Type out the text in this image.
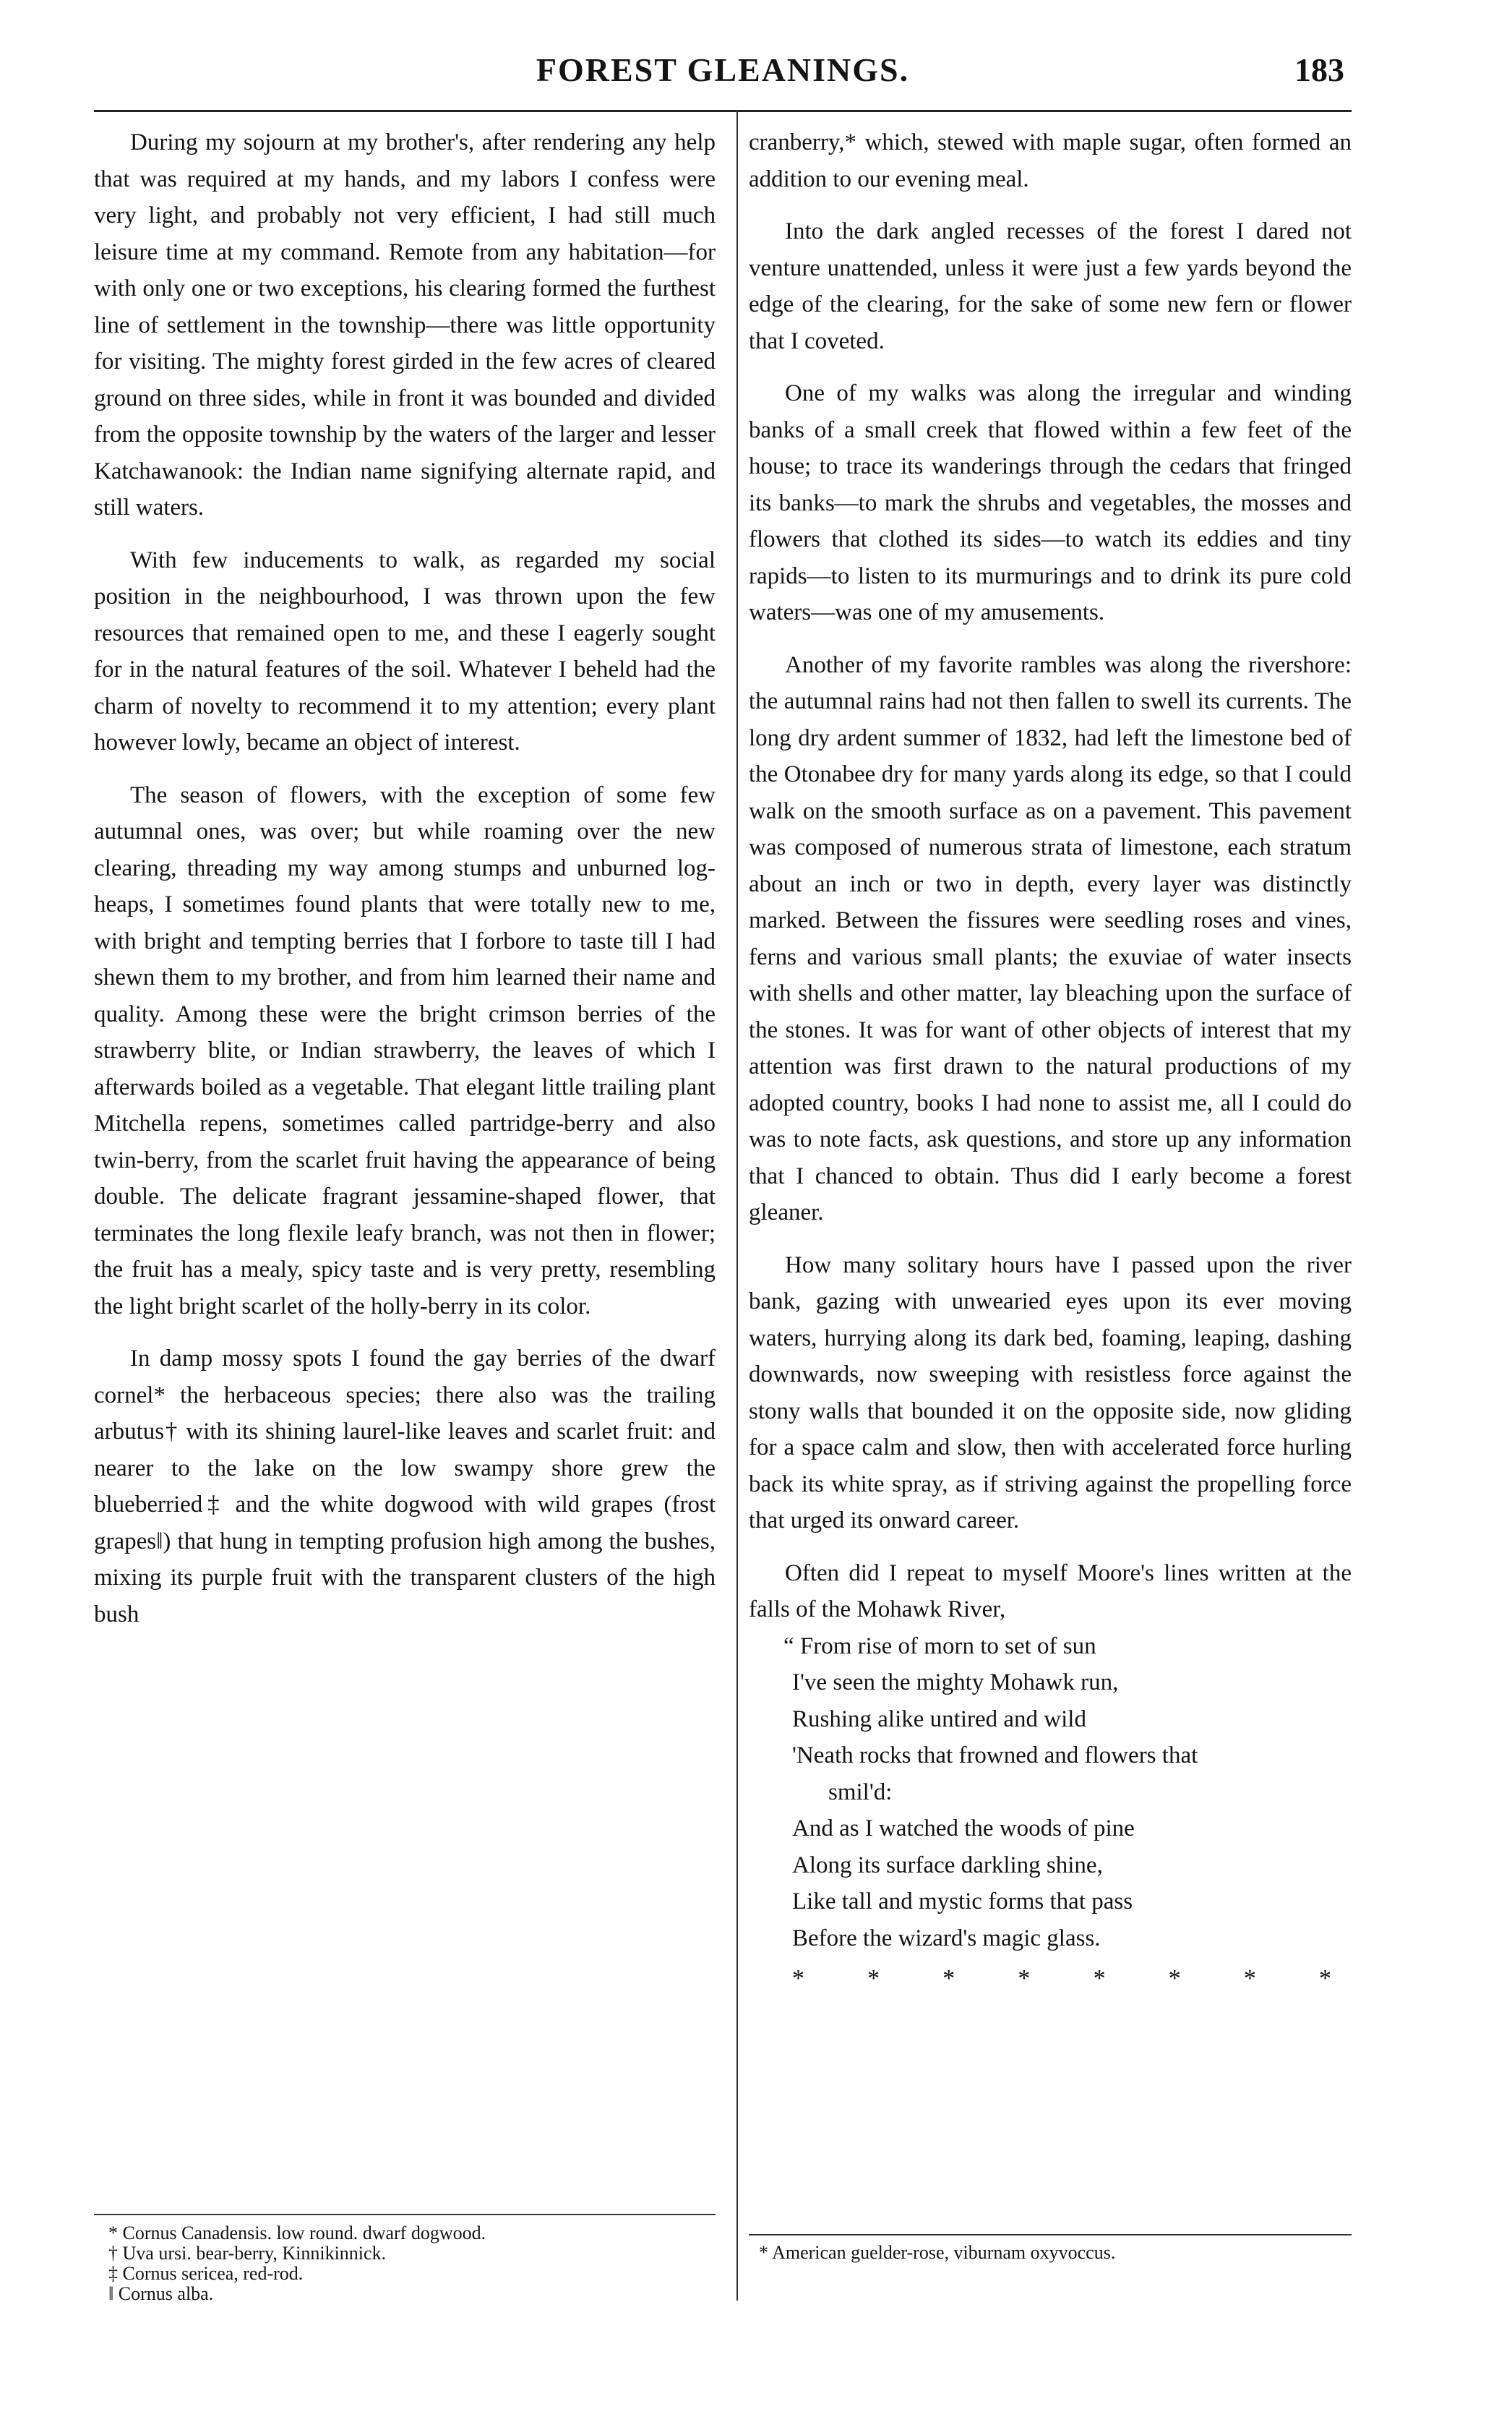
FOREST GLEANINGS.	183

During my sojourn at my brother's, after rendering any help that was required at my hands, and my labors I confess were very light, and probably not very efficient, I had still much leisure time at my command. Remote from any habitation—for with only one or two exceptions, his clearing formed the furthest line of settlement in the township—there was little opportunity for visiting. The mighty forest girded in the few acres of cleared ground on three sides, while in front it was bounded and divided from the opposite township by the waters of the larger and lesser Katchawanook: the Indian name signifying alternate rapid, and still waters.

With few inducements to walk, as regarded my social position in the neighbourhood, I was thrown upon the few resources that remained open to me, and these I eagerly sought for in the natural features of the soil. Whatever I beheld had the charm of novelty to recommend it to my attention; every plant however lowly, became an object of interest.

The season of flowers, with the exception of some few autumnal ones, was over; but while roaming over the new clearing, threading my way among stumps and unburned log-heaps, I sometimes found plants that were totally new to me, with bright and tempting berries that I forbore to taste till I had shewn them to my brother, and from him learned their name and quality. Among these were the bright crimson berries of the strawberry blite, or Indian strawberry, the leaves of which I afterwards boiled as a vegetable. That elegant little trailing plant Mitchella repens, sometimes called partridge-berry and also twin-berry, from the scarlet fruit having the appearance of being double. The delicate fragrant jessamine-shaped flower, that terminates the long flexile leafy branch, was not then in flower; the fruit has a mealy, spicy taste and is very pretty, resembling the light bright scarlet of the holly-berry in its color.

In damp mossy spots I found the gay berries of the dwarf cornel* the herbaceous species; there also was the trailing arbutus† with its shining laurel-like leaves and scarlet fruit: and nearer to the lake on the low swampy shore grew the blueberried‡ and the white dogwood with wild grapes (frost grapes‖) that hung in tempting profusion high among the bushes, mixing its purple fruit with the transparent clusters of the high bush

cranberry,* which, stewed with maple sugar, often formed an addition to our evening meal.

Into the dark angled recesses of the forest I dared not venture unattended, unless it were just a few yards beyond the edge of the clearing, for the sake of some new fern or flower that I coveted.

One of my walks was along the irregular and winding banks of a small creek that flowed within a few feet of the house; to trace its wanderings through the cedars that fringed its banks—to mark the shrubs and vegetables, the mosses and flowers that clothed its sides—to watch its eddies and tiny rapids—to listen to its murmurings and to drink its pure cold waters—was one of my amusements.

Another of my favorite rambles was along the rivershore: the autumnal rains had not then fallen to swell its currents. The long dry ardent summer of 1832, had left the limestone bed of the Otonabee dry for many yards along its edge, so that I could walk on the smooth surface as on a pavement. This pavement was composed of numerous strata of limestone, each stratum about an inch or two in depth, every layer was distinctly marked. Between the fissures were seedling roses and vines, ferns and various small plants; the exuviae of water insects with shells and other matter, lay bleaching upon the surface of the stones. It was for want of other objects of interest that my attention was first drawn to the natural productions of my adopted country, books I had none to assist me, all I could do was to note facts, ask questions, and store up any information that I chanced to obtain. Thus did I early become a forest gleaner.

How many solitary hours have I passed upon the river bank, gazing with unwearied eyes upon its ever moving waters, hurrying along its dark bed, foaming, leaping, dashing downwards, now sweeping with resistless force against the stony walls that bounded it on the opposite side, now gliding for a space calm and slow, then with accelerated force hurling back its white spray, as if striving against the propelling force that urged its onward career.

Often did I repeat to myself Moore's lines written at the falls of the Mohawk River,

“ From rise of morn to set of sun
I've seen the mighty Mohawk run,
Rushing alike untired and wild
'Neath rocks that frowned and flowers that
smil'd:
And as I watched the woods of pine
Along its surface darkling shine,
Like tall and mystic forms that pass
Before the wizard's magic glass.
*	*	*	*	*	*	*	*
* Cornus Canadensis. low round. dwarf dogwood.
† Uva ursi. bear-berry, Kinnikinnick.
‡ Cornus sericea, red-rod.
‖ Cornus alba.
* American guelder-rose, viburnam oxyvoccus.
